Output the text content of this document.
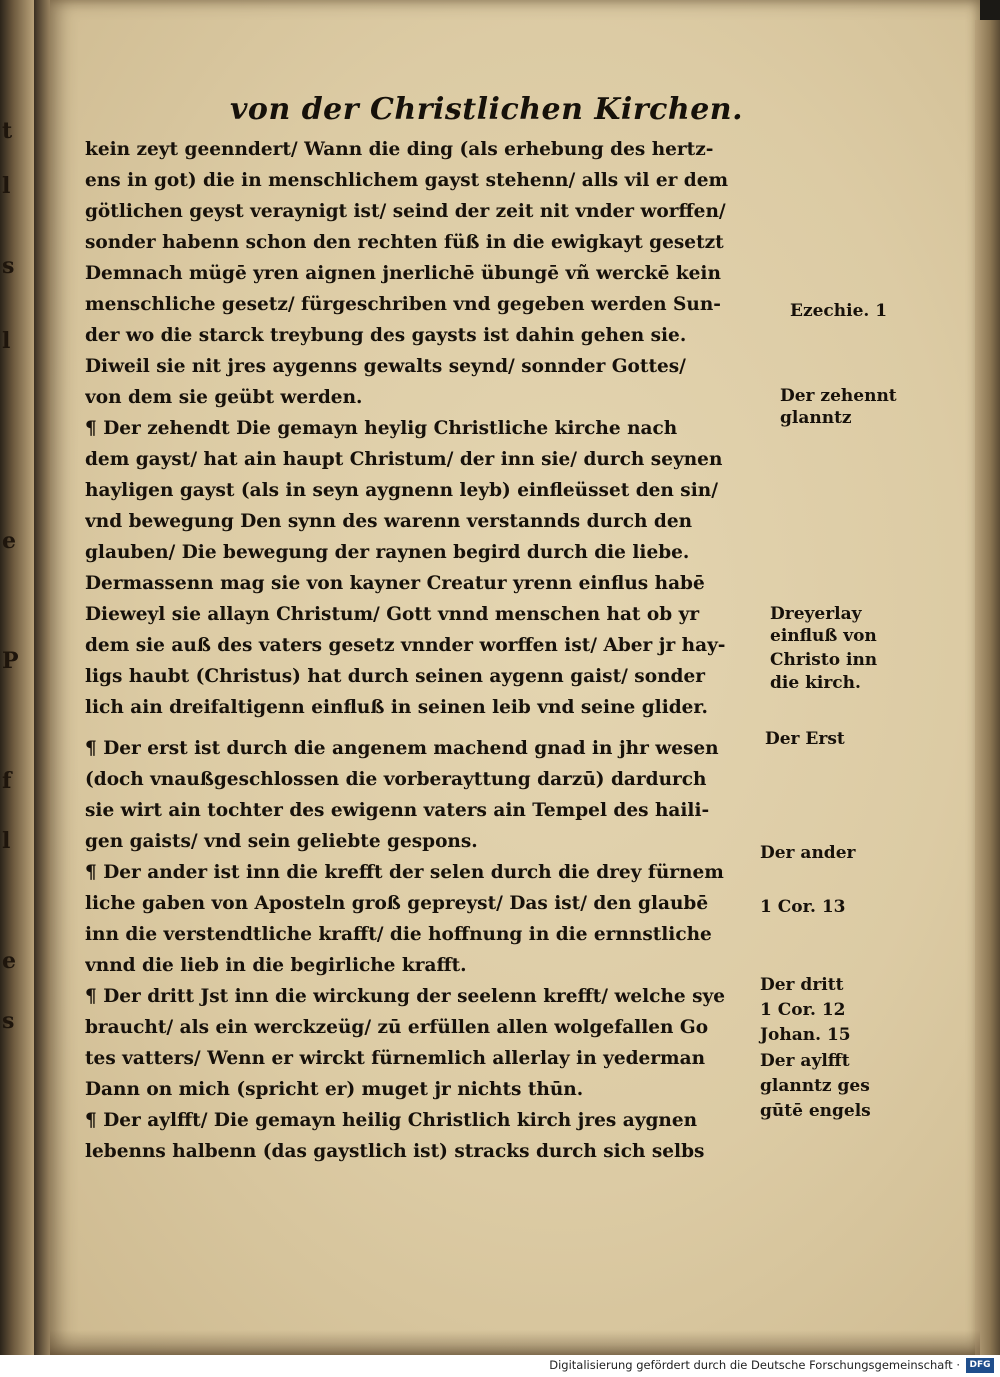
t
l
s
l
e
P
f
l
e
s
von der Christlichen Kirchen.
kein zeyt geenndert/ Wann die ding (als erhebung des hertz-
ens in got) die in menschlichem gayst stehenn/ alls vil er dem
götlichen geyst veraynigt ist/ seind der zeit nit vnder worffen/
sonder habenn schon den rechten füß in die ewigkayt gesetzt
Demnach mügē yren aignen jnerlichē übungē vñ werckē kein
menschliche gesetz/ fürgeschriben vnd gegeben werden Sun-
der wo die starck treybung des gaysts ist dahin gehen sie.
Diweil sie nit jres aygenns gewalts seynd/ sonnder Gottes/
von dem sie geübt werden.
¶ Der zehendt Die gemayn heylig Christliche kirche nach
dem gayst/ hat ain haupt Christum/ der inn sie/ durch seynen
hayligen gayst (als in seyn aygnenn leyb) einfleüsset den sin/
vnd bewegung Den synn des warenn verstannds durch den
glauben/ Die bewegung der raynen begird durch die liebe.
Dermassenn mag sie von kayner Creatur yrenn einflus habē
Dieweyl sie allayn Christum/ Gott vnnd menschen hat ob yr
dem sie auß des vaters gesetz vnnder worffen ist/ Aber jr hay-
ligs haubt (Christus) hat durch seinen aygenn gaist/ sonder
lich ain dreifaltigenn einfluß in seinen leib vnd seine glider.
¶ Der erst ist durch die angenem machend gnad in jhr wesen
(doch vnaußgeschlossen die vorberayttung darzū) dardurch
sie wirt ain tochter des ewigenn vaters ain Tempel des haili-
gen gaists/ vnd sein geliebte gespons.
¶ Der ander ist inn die krefft der selen durch die drey fürnem
liche gaben von Aposteln groß gepreyst/ Das ist/ den glaubē
inn die verstendtliche krafft/ die hoffnung in die ernnstliche
vnnd die lieb in die begirliche krafft.
¶ Der dritt Jst inn die wirckung der seelenn krefft/ welche sye
braucht/ als ein werckzeüg/ zū erfüllen allen wolgefallen Go
tes vatters/ Wenn er wirckt fürnemlich allerlay in yederman
Dann on mich (spricht er) muget jr nichts thūn.
¶ Der aylfft/ Die gemayn heilig Christlich kirch jres aygnen
lebenns halbenn (das gaystlich ist) stracks durch sich selbs
Ezechie. 1
Der zehennt
glanntz
Dreyerlay
einfluß von
Christo inn
die kirch.
Der Erst
Der ander
1 Cor. 13
Der dritt
1 Cor. 12
Johan. 15
Der aylfft
glanntz ges
gūtē engels
Digitalisierung gefördert durch die Deutsche Forschungsgemeinschaft ·	DFG
